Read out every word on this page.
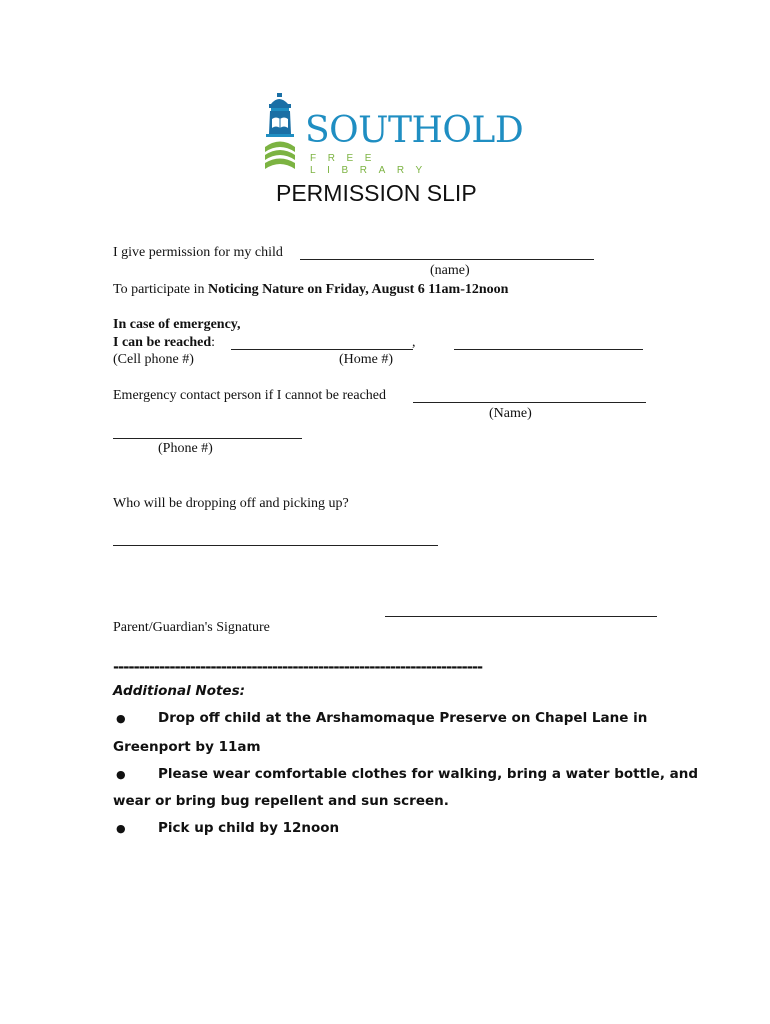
SOUTHOLD
FREE LIBRARY
PERMISSION SLIP
I give permission for my child
(name)
To participate in Noticing Nature on Friday, August 6 11am-12noon
In case of emergency,
I can be reached:	,
(Cell phone #)	(Home #)
Emergency contact person if I cannot be reached
(Name)
(Phone #)
Who will be dropping off and picking up?
Parent/Guardian's Signature
------------------------------------------------------------------------
Additional Notes:
● Drop off child at the Arshamomaque Preserve on Chapel Lane in
Greenport by 11am
● Please wear comfortable clothes for walking, bring a water bottle, and
wear or bring bug repellent and sun screen.
● Pick up child by 12noon
